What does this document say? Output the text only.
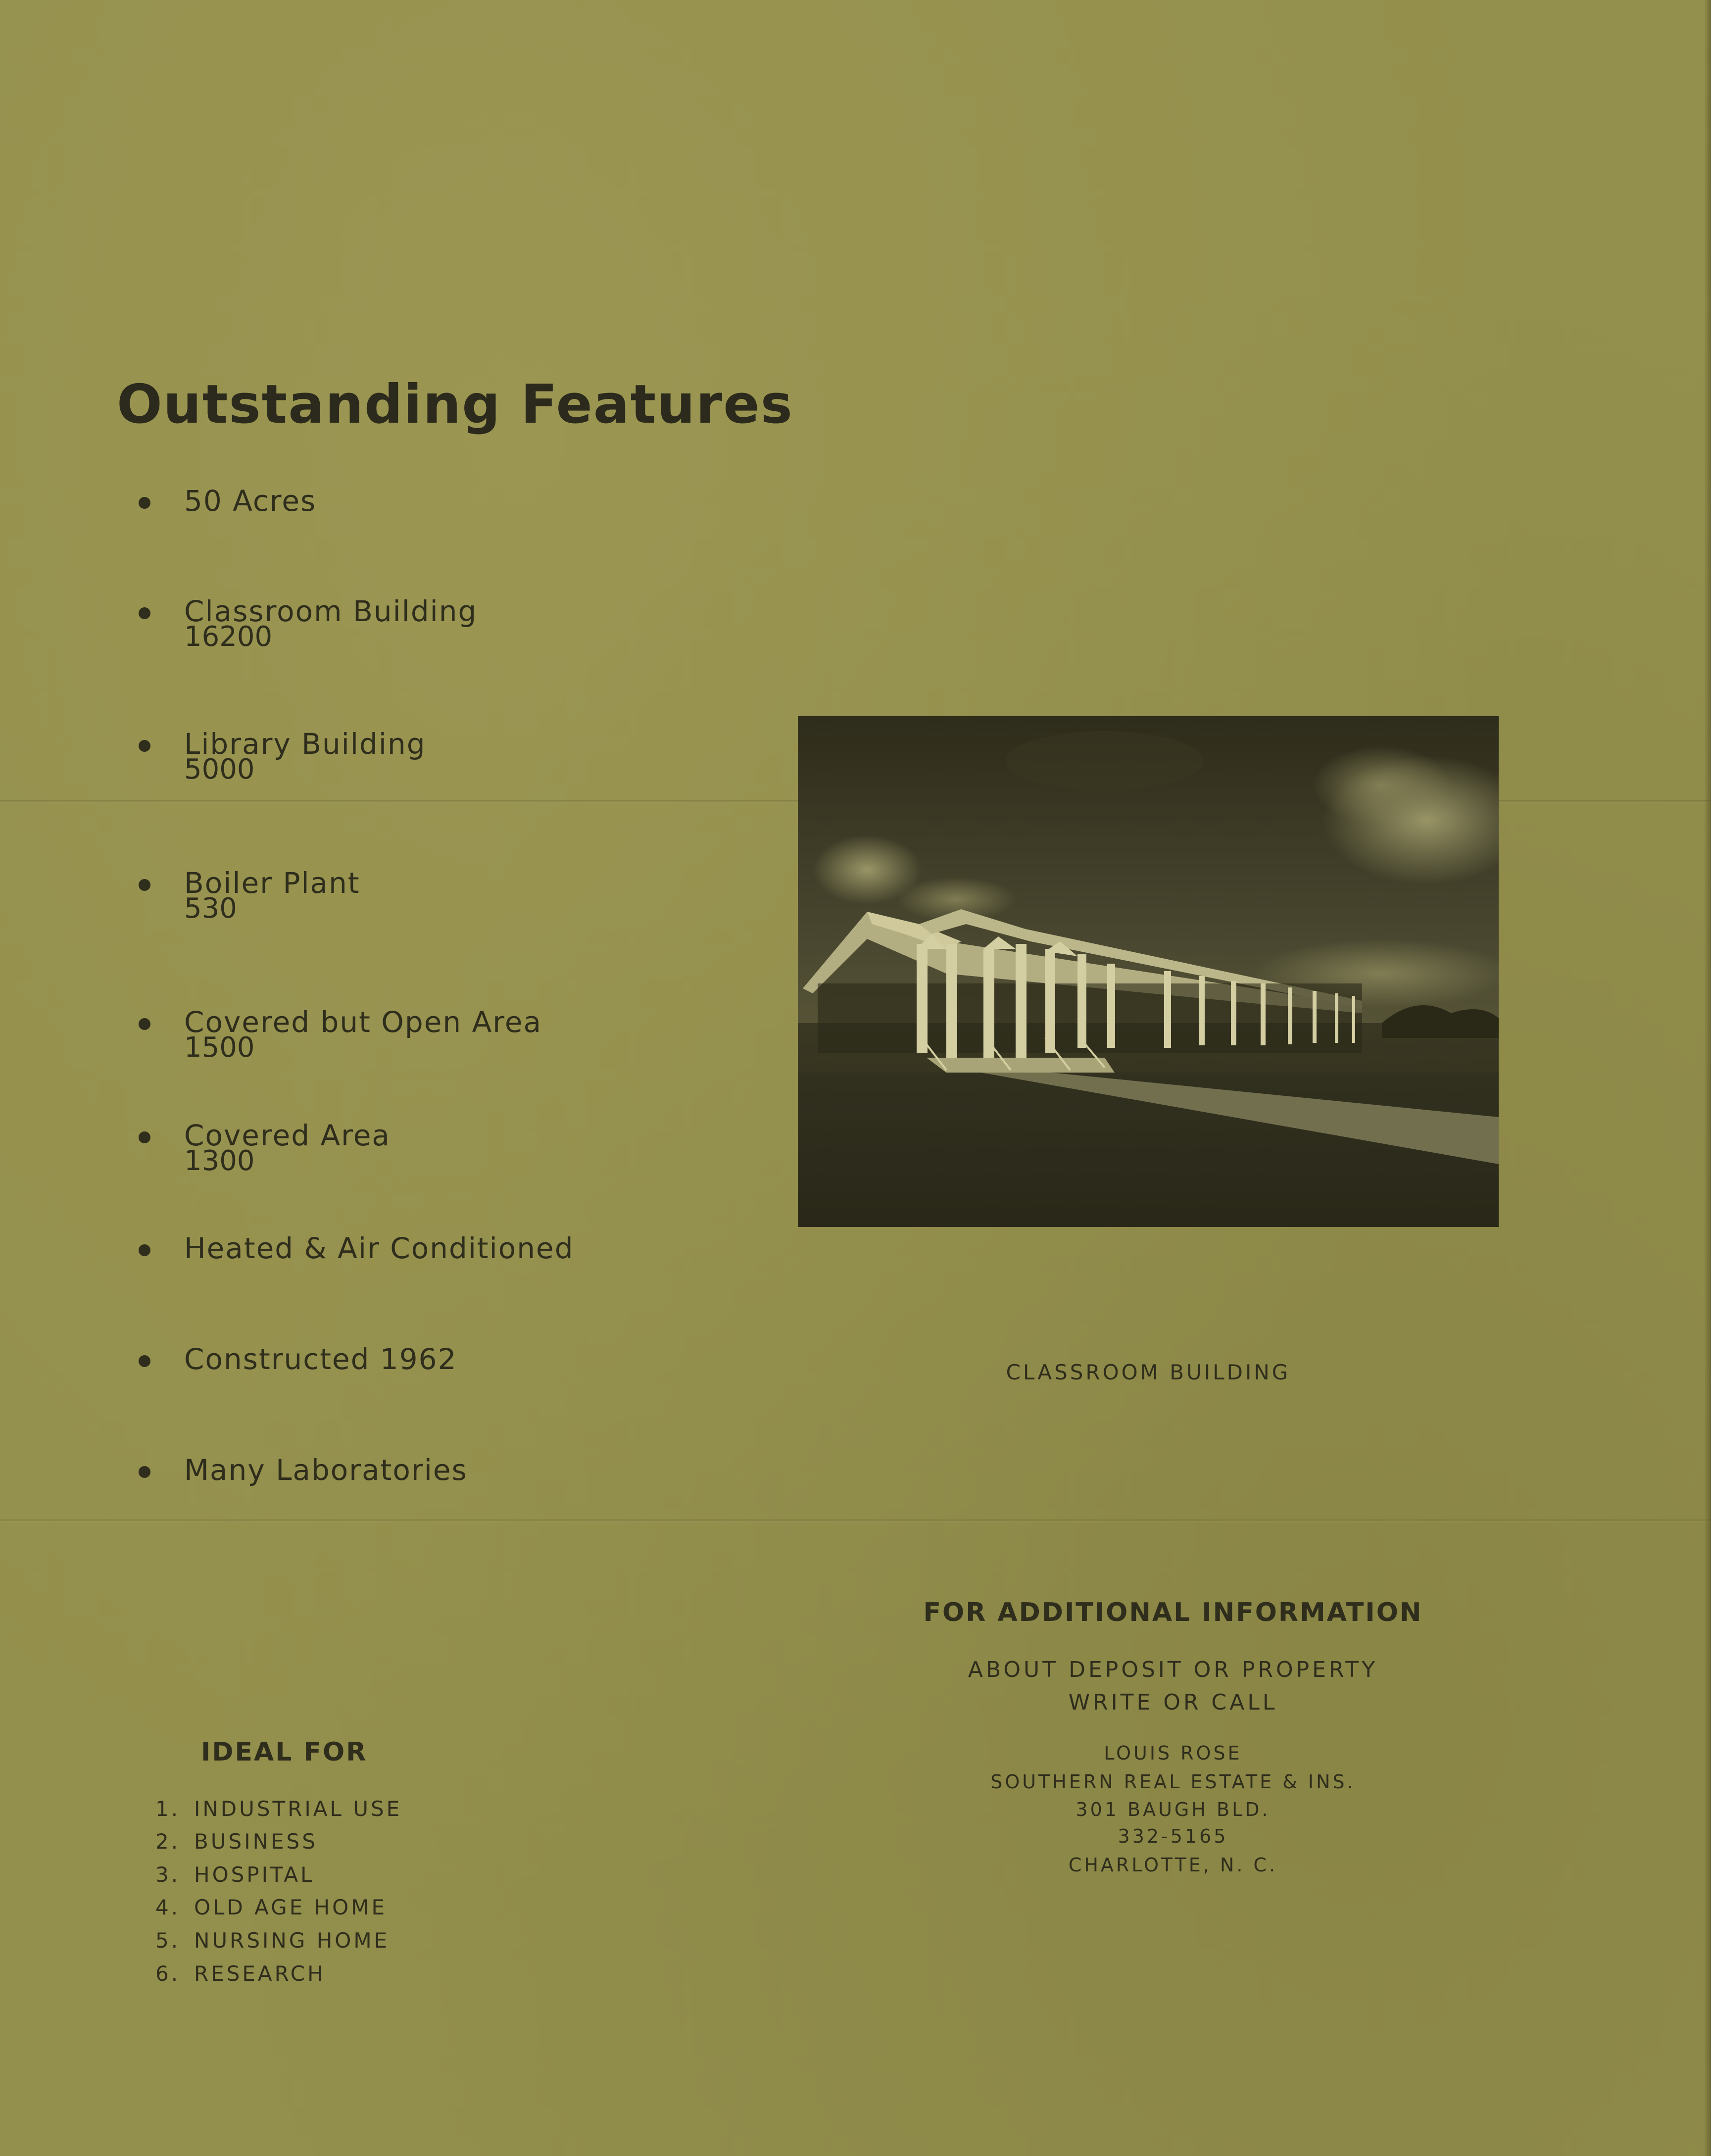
Outstanding Features
50 Acres
Classroom Building
16200
Library Building
5000
Boiler Plant
530
Covered but Open Area
1500
Covered Area
1300
Heated & Air Conditioned
Constructed 1962
Many Laboratories
CLASSROOM BUILDING
FOR ADDITIONAL INFORMATION
ABOUT DEPOSIT OR PROPERTY
WRITE OR CALL
LOUIS ROSE
SOUTHERN REAL ESTATE & INS.
301 BAUGH BLD.
332-5165
CHARLOTTE, N. C.
IDEAL FOR
1. INDUSTRIAL USE
2. BUSINESS
3. HOSPITAL
4. OLD AGE HOME
5. NURSING HOME
6. RESEARCH
